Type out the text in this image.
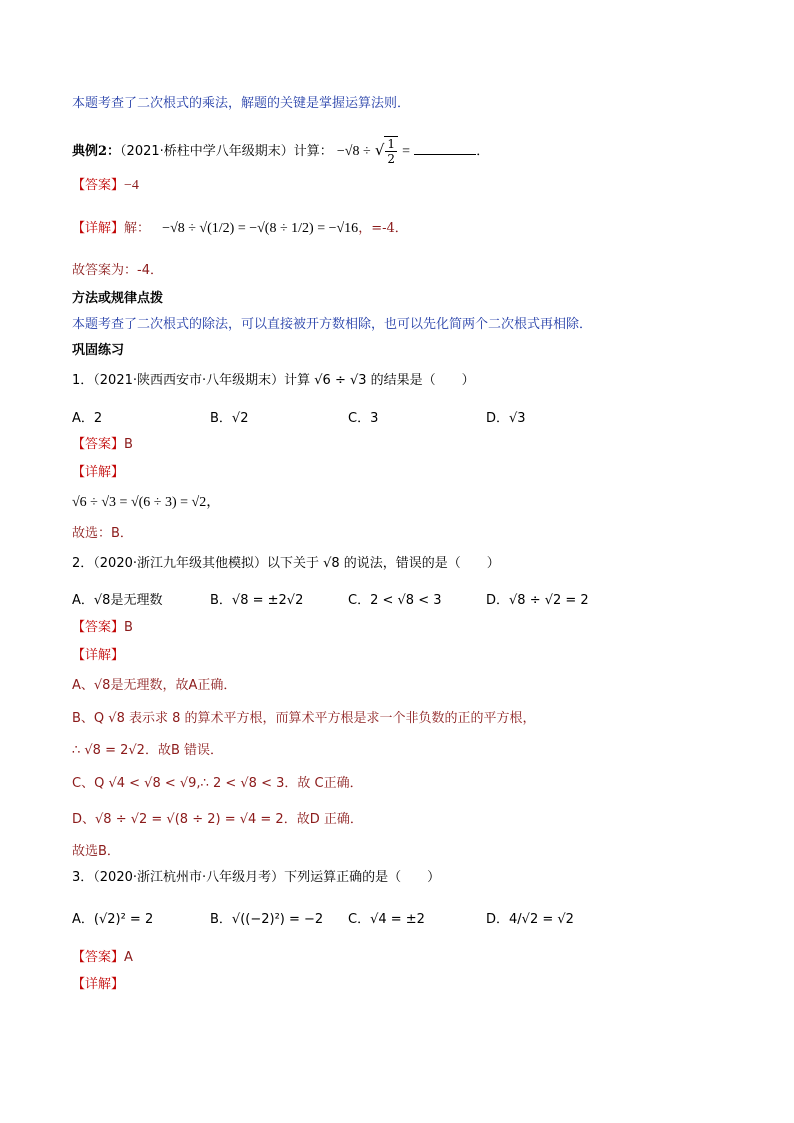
本题考查了二次根式的乘法，解题的关键是掌握运算法则．
典例2：（2021·桥柱中学八年级期末）计算： −√8 ÷ √ $\frac{1}{2}$ =	．
【答案】−4
【详解】解： −√8 ÷ √(1/2) = −√(8 ÷ 1/2) = −√16，=-4．
故答案为：-4．
方法或规律点拨
本题考查了二次根式的除法，可以直接被开方数相除，也可以先化简两个二次根式再相除．
巩固练习
1．（2021·陕西西安市·八年级期末）计算 √6 ÷ √3 的结果是（　　）
A．2	B．√2	C．3	D．√3
【答案】B
【详解】
√6 ÷ √3 = √(6 ÷ 3) = √2，
故选：B．
2．（2020·浙江九年级其他模拟）以下关于 √8 的说法，错误的是（　　）
A．√8是无理数	B．√8 = ±2√2	C．2 < √8 < 3	D．√8 ÷ √2 = 2
【答案】B
【详解】
A、√8是无理数，故A正确．
B、Q √8 表示求 8 的算术平方根，而算术平方根是求一个非负数的正的平方根，
∴ √8 = 2√2．故B 错误．
C、Q √4 < √8 < √9,∴ 2 < √8 < 3．故 C正确．
D、√8 ÷ √2 = √(8 ÷ 2) = √4 = 2．故D 正确．
故选B．
3．（2020·浙江杭州市·八年级月考）下列运算正确的是（　　）
A．(√2)² = 2	B．√((−2)²) = −2 C．√4 = ±2	D．4/√2 = √2
【答案】A
【详解】
